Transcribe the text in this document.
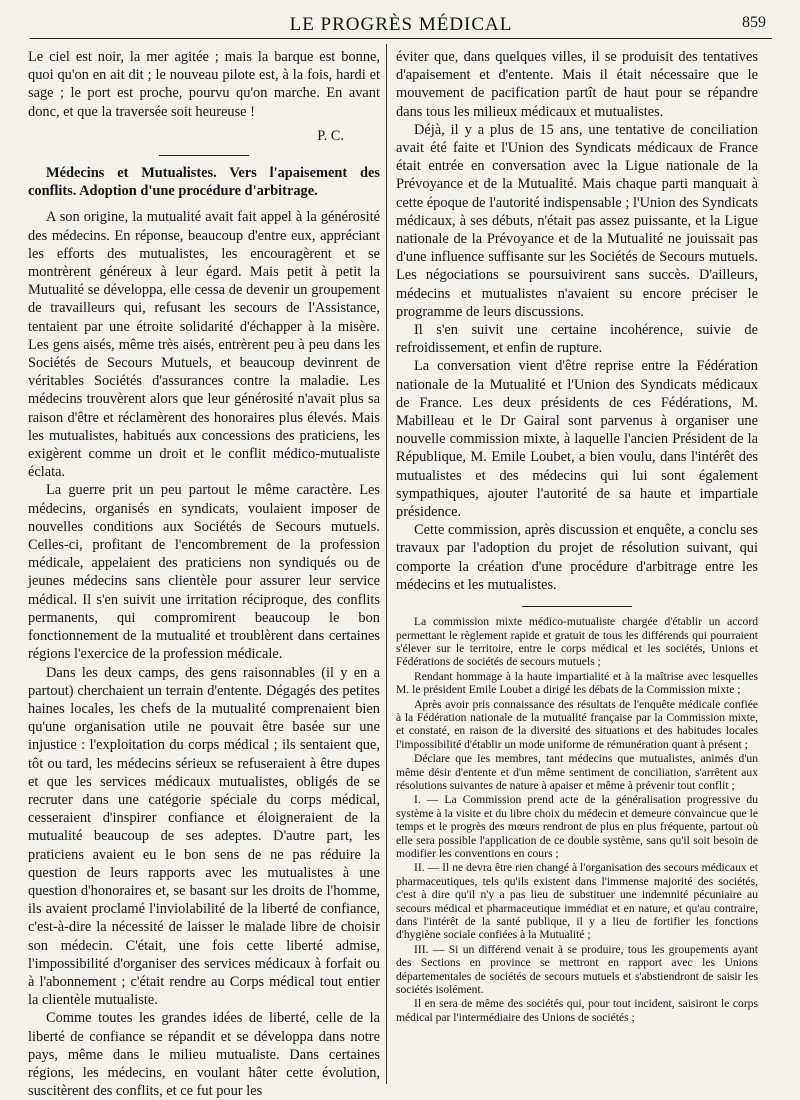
LE PROGRÈS MÉDICAL	859

Le ciel est noir, la mer agitée ; mais la barque est bonne, quoi qu'on en ait dit ; le nouveau pilote est, à la fois, hardi et sage ; le port est proche, pourvu qu'on marche. En avant donc, et que la traversée soit heureuse !

P. C.

Médecins et Mutualistes. Vers l'apaisement des conflits. Adoption d'une procédure d'arbitrage.

A son origine, la mutualité avait fait appel à la générosité des médecins. En réponse, beaucoup d'entre eux, appréciant les efforts des mutualistes, les encouragèrent et se montrèrent généreux à leur égard. Mais petit à petit la Mutualité se développa, elle cessa de devenir un groupement de travailleurs qui, refusant les secours de l'Assistance, tentaient par une étroite solidarité d'échapper à la misère. Les gens aisés, même très aisés, entrèrent peu à peu dans les Sociétés de Secours Mutuels, et beaucoup devinrent de véritables Sociétés d'assurances contre la maladie. Les médecins trouvèrent alors que leur générosité n'avait plus sa raison d'être et réclamèrent des honoraires plus élevés. Mais les mutualistes, habitués aux concessions des praticiens, les exigèrent comme un droit et le conflit médico-mutualiste éclata.

La guerre prit un peu partout le même caractère. Les médecins, organisés en syndicats, voulaient imposer de nouvelles conditions aux Sociétés de Secours mutuels. Celles-ci, profitant de l'encombrement de la profession médicale, appelaient des praticiens non syndiqués ou de jeunes médecins sans clientèle pour assurer leur service médical. Il s'en suivit une irritation réciproque, des conflits permanents, qui compromirent beaucoup le bon fonctionnement de la mutualité et troublèrent dans certaines régions l'exercice de la profession médicale.

Dans les deux camps, des gens raisonnables (il y en a partout) cherchaient un terrain d'entente. Dégagés des petites haines locales, les chefs de la mutualité comprenaient bien qu'une organisation utile ne pouvait être basée sur une injustice : l'exploitation du corps médical ; ils sentaient que, tôt ou tard, les médecins sérieux se refuseraient à être dupes et que les services médicaux mutualistes, obligés de se recruter dans une catégorie spéciale du corps médical, cesseraient d'inspirer confiance et éloigneraient de la mutualité beaucoup de ses adeptes. D'autre part, les praticiens avaient eu le bon sens de ne pas réduire la question de leurs rapports avec les mutualistes à une question d'honoraires et, se basant sur les droits de l'homme, ils avaient proclamé l'inviolabilité de la liberté de confiance, c'est-à-dire la nécessité de laisser le malade libre de choisir son médecin. C'était, une fois cette liberté admise, l'impossibilité d'organiser des services médicaux à forfait ou à l'abonnement ; c'était rendre au Corps médical tout entier la clientèle mutualiste.

Comme toutes les grandes idées de liberté, celle de la liberté de confiance se répandit et se développa dans notre pays, même dans le milieu mutualiste. Dans certaines régions, les médecins, en voulant hâter cette évolution, suscitèrent des conflits, et ce fut pour les

éviter que, dans quelques villes, il se produisit des tentatives d'apaisement et d'entente. Mais il était nécessaire que le mouvement de pacification partît de haut pour se répandre dans tous les milieux médicaux et mutualistes.

Déjà, il y a plus de 15 ans, une tentative de conciliation avait été faite et l'Union des Syndicats médicaux de France était entrée en conversation avec la Ligue nationale de la Prévoyance et de la Mutualité. Mais chaque parti manquait à cette époque de l'autorité indispensable ; l'Union des Syndicats médicaux, à ses débuts, n'était pas assez puissante, et la Ligue nationale de la Prévoyance et de la Mutualité ne jouissait pas d'une influence suffisante sur les Sociétés de Secours mutuels. Les négociations se poursuivirent sans succès. D'ailleurs, médecins et mutualistes n'avaient su encore préciser le programme de leurs discussions.

Il s'en suivit une certaine incohérence, suivie de refroidissement, et enfin de rupture.

La conversation vient d'être reprise entre la Fédération nationale de la Mutualité et l'Union des Syndicats médicaux de France. Les deux présidents de ces Fédérations, M. Mabilleau et le Dr Gairal sont parvenus à organiser une nouvelle commission mixte, à laquelle l'ancien Président de la République, M. Emile Loubet, a bien voulu, dans l'intérêt des mutualistes et des médecins qui lui sont également sympathiques, ajouter l'autorité de sa haute et impartiale présidence.

Cette commission, après discussion et enquête, a conclu ses travaux par l'adoption du projet de résolution suivant, qui comporte la création d'une procédure d'arbitrage entre les médecins et les mutualistes.

La commission mixte médico-mutualiste chargée d'établir un accord permettant le règlement rapide et gratuit de tous les différends qui pourraient s'élever sur le territoire, entre le corps médical et les sociétés, Unions et Fédérations de sociétés de secours mutuels ;

Rendant hommage à la haute impartialité et à la maîtrise avec lesquelles M. le président Emile Loubet a dirigé les débats de la Commission mixte ;

Après avoir pris connaissance des résultats de l'enquête médicale confiée à la Fédération nationale de la mutualité française par la Commission mixte, et constaté, en raison de la diversité des situations et des habitudes locales l'impossibilité d'établir un mode uniforme de rémunération quant à présent ;

Déclare que les membres, tant médecins que mutualistes, animés d'un même désir d'entente et d'un même sentiment de conciliation, s'arrêtent aux résolutions suivantes de nature à apaiser et même à prévenir tout conflit ;

I. — La Commission prend acte de la généralisation progressive du système à la visite et du libre choix du médecin et demeure convaincue que le temps et le progrès des mœurs rendront de plus en plus fréquente, partout où elle sera possible l'application de ce double système, sans qu'il soit besoin de modifier les conventions en cours ;

II. — Il ne devra être rien changé à l'organisation des secours médicaux et pharmaceutiques, tels qu'ils existent dans l'immense majorité des sociétés, c'est à dire qu'il n'y a pas lieu de substituer une indemnité pécuniaire au secours médical et pharmaceutique immédiat et en nature, et qu'au contraire, dans l'intérêt de la santé publique, il y a lieu de fortifier les fonctions d'hygiène sociale confiées à la Mutualité ;

III. — Si un différend venait à se produire, tous les groupements ayant des Sections en province se mettront en rapport avec les Unions départementales de sociétés de secours mutuels et s'abstiendront de saisir les sociétés isolément.

Il en sera de même des sociétés qui, pour tout incident, saisiront le corps médical par l'intermédiaire des Unions de sociétés ;
